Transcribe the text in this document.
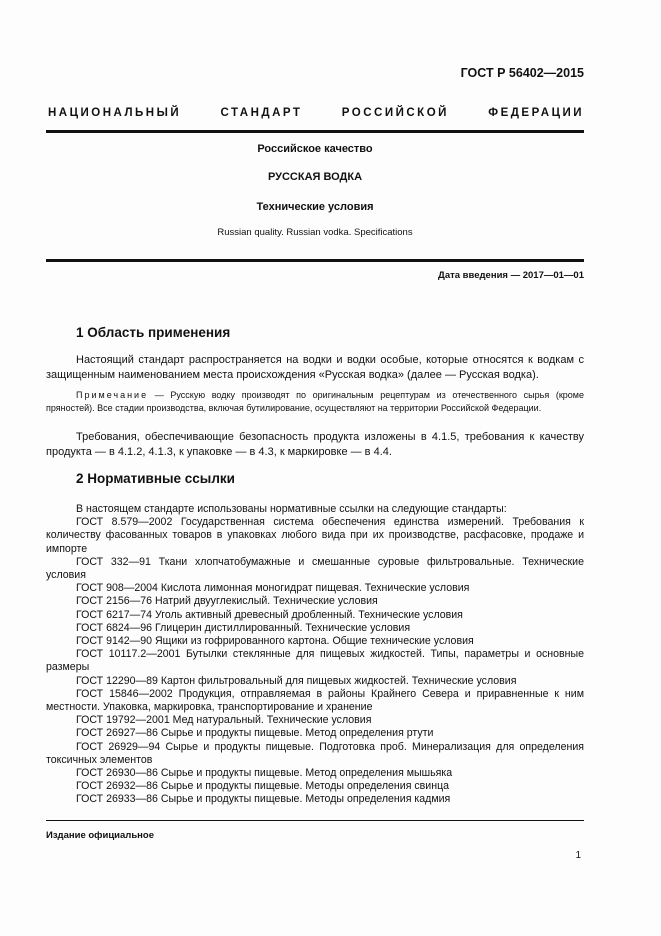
ГОСТ Р 56402—2015
НАЦИОНАЛЬНЫЙ СТАНДАРТ РОССИЙСКОЙ ФЕДЕРАЦИИ
Российское качество
РУССКАЯ ВОДКА
Технические условия
Russian quality. Russian vodka. Specifications
Дата введения — 2017—01—01
1 Область применения
Настоящий стандарт распространяется на водки и водки особые, которые относятся к водкам с защищенным наименованием места происхождения «Русская водка» (далее — Русская водка).
Примечание — Русскую водку производят по оригинальным рецептурам из отечественного сырья (кроме пряностей). Все стадии производства, включая бутилирование, осуществляют на территории Российской Федерации.
Требования, обеспечивающие безопасность продукта изложены в 4.1.5, требования к качеству продукта — в 4.1.2, 4.1.3, к упаковке — в 4.3, к маркировке — в 4.4.
2 Нормативные ссылки
В настоящем стандарте использованы нормативные ссылки на следующие стандарты:
ГОСТ 8.579—2002 Государственная система обеспечения единства измерений. Требования к количеству фасованных товаров в упаковках любого вида при их производстве, расфасовке, продаже и импорте
ГОСТ 332—91 Ткани хлопчатобумажные и смешанные суровые фильтровальные. Технические условия
ГОСТ 908—2004 Кислота лимонная моногидрат пищевая. Технические условия
ГОСТ 2156—76 Натрий двууглекислый. Технические условия
ГОСТ 6217—74 Уголь активный древесный дробленный. Технические условия
ГОСТ 6824—96 Глицерин дистиллированный. Технические условия
ГОСТ 9142—90 Ящики из гофрированного картона. Общие технические условия
ГОСТ 10117.2—2001 Бутылки стеклянные для пищевых жидкостей. Типы, параметры и основные размеры
ГОСТ 12290—89 Картон фильтровальный для пищевых жидкостей. Технические условия
ГОСТ 15846—2002 Продукция, отправляемая в районы Крайнего Севера и приравненные к ним местности. Упаковка, маркировка, транспортирование и хранение
ГОСТ 19792—2001 Мед натуральный. Технические условия
ГОСТ 26927—86 Сырье и продукты пищевые. Метод определения ртути
ГОСТ 26929—94 Сырье и продукты пищевые. Подготовка проб. Минерализация для определения токсичных элементов
ГОСТ 26930—86 Сырье и продукты пищевые. Метод определения мышьяка
ГОСТ 26932—86 Сырье и продукты пищевые. Методы определения свинца
ГОСТ 26933—86 Сырье и продукты пищевые. Методы определения кадмия
Издание официальное
1
